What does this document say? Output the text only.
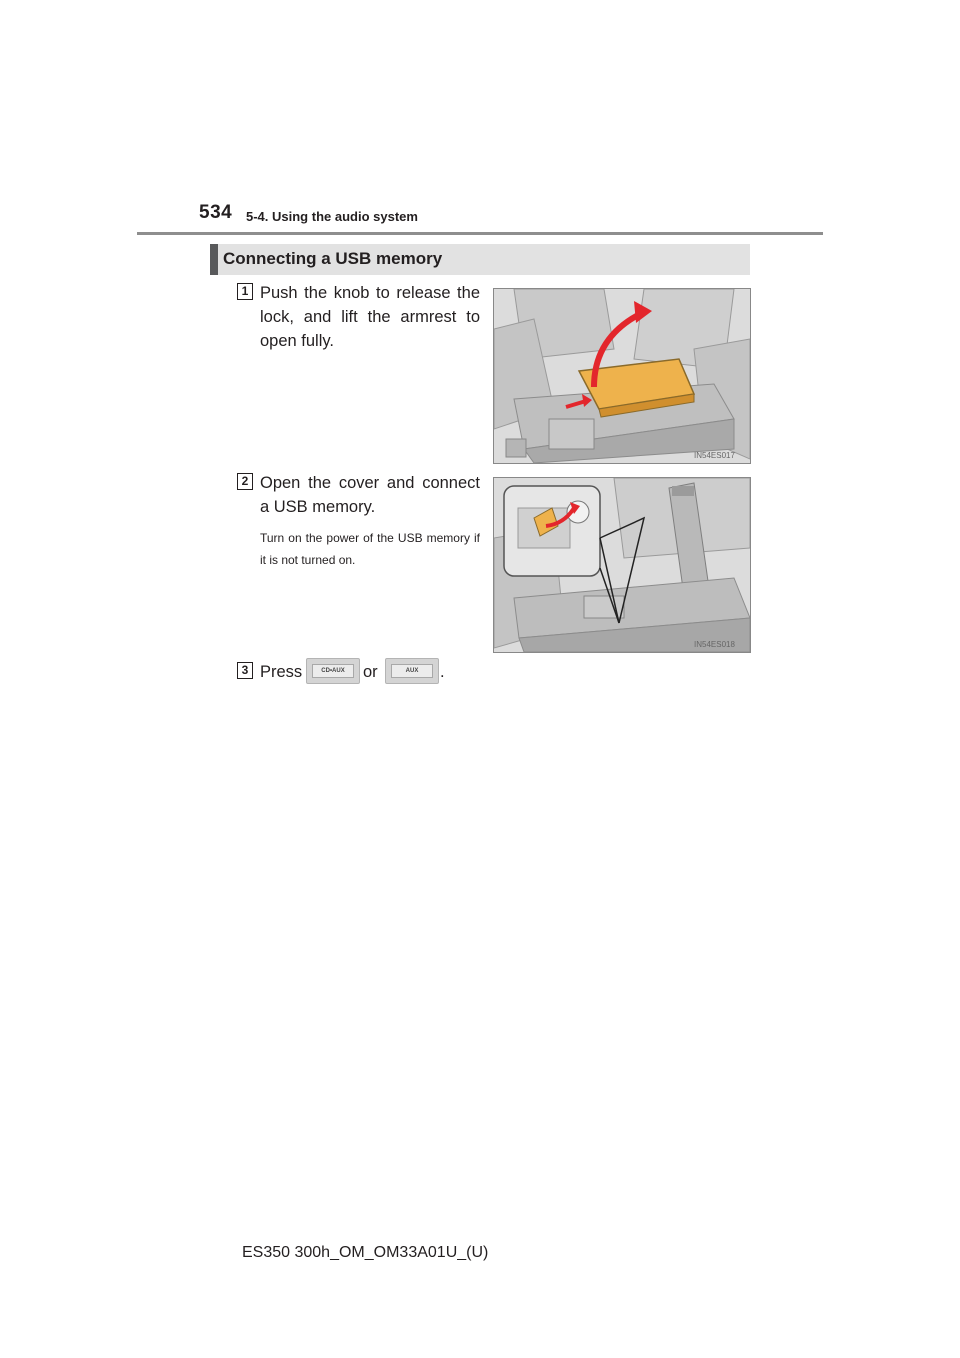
534 5-4. Using the audio system
Connecting a USB memory
1 Push the knob to release the lock, and lift the armrest to open fully.
IN54ES017
2 Open the cover and connect a USB memory.
Turn on the power of the USB memory if it is not turned on.
IN54ES018
3 Press	CD•AUX	or	AUX	.
ES350 300h_OM_OM33A01U_(U)
